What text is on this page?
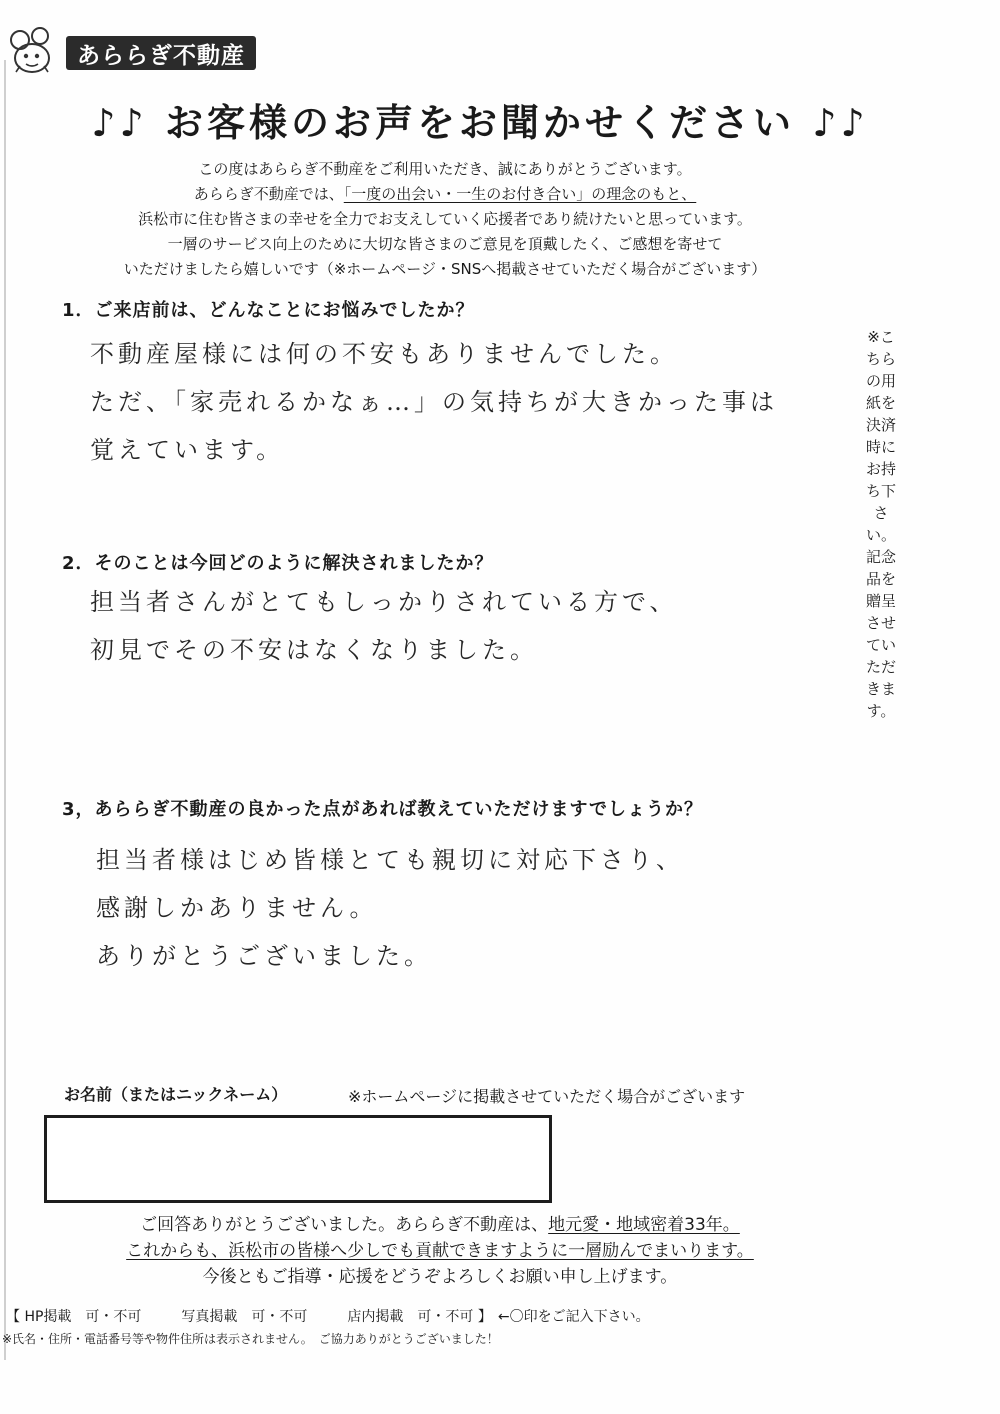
あららぎ不動産
♪♪ お客様のお声をお聞かせください ♪♪
この度はあららぎ不動産をご利用いただき、誠にありがとうございます。
あららぎ不動産では、「一度の出会い・一生のお付き合い」の理念のもと、
浜松市に住む皆さまの幸せを全力でお支えしていく応援者であり続けたいと思っています。
一層のサービス向上のために大切な皆さまのご意見を頂戴したく、ご感想を寄せて
いただけましたら嬉しいです（※ホームページ・SNSへ掲載させていただく場合がございます）
1．ご来店前は、どんなことにお悩みでしたか？
不動産屋様には何の不安もありませんでした。
ただ、「家売れるかなぁ…」の気持ちが大きかった事は
覚えています。
2．そのことは今回どのように解決されましたか？
担当者さんがとてもしっかりされている方で、
初見でその不安はなくなりました。
3，あららぎ不動産の良かった点があれば教えていただけますでしょうか？
担当者様はじめ皆様とても親切に対応下さり、
感謝しかありません。
ありがとうございました。
※こちらの用紙を決済時にお持ち下さい。記念品を贈呈させていただきます。
お名前（またはニックネーム）	※ホームページに掲載させていただく場合がございます
ご回答ありがとうございました。あららぎ不動産は、地元愛・地域密着33年。
これからも、浜松市の皆様へ少しでも貢献できますように一層励んでまいります。
今後ともご指導・応援をどうぞよろしくお願い申し上げます。
【 HP掲載　可・不可	写真掲載　可・不可	店内掲載　可・不可 】 ←〇印をご記入下さい。
※氏名・住所・電話番号等や物件住所は表示されません。　ご協力ありがとうございました！
